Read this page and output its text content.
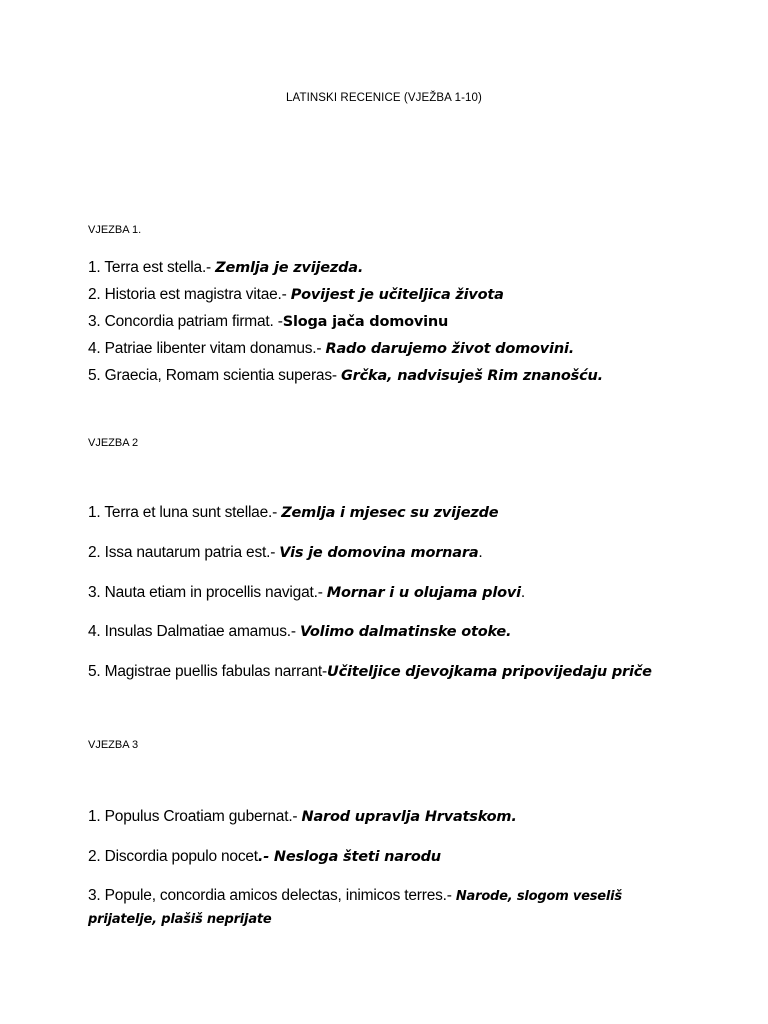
LATINSKI RECENICE (VJEŽBA 1-10)
VJEZBA 1.
1. Terra est stella.- Zemlja je zvijezda.
2. Historia est magistra vitae.- Povijest je učiteljica života
3. Concordia patriam firmat. -Sloga jača domovinu
4. Patriae libenter vitam donamus.- Rado darujemo život domovini.
5. Graecia, Romam scientia superas- Grčka, nadvisuješ Rim znanošću.
VJEZBA 2
1. Terra et luna sunt stellae.- Zemlja i mjesec su zvijezde
2. Issa nautarum patria est.- Vis je domovina mornara.
3. Nauta etiam in procellis navigat.- Mornar i u olujama plovi.
4. Insulas Dalmatiae amamus.- Volimo dalmatinske otoke.
5. Magistrae puellis fabulas narrant-Učiteljice djevojkama pripovijedaju priče
VJEZBA 3
1. Populus Croatiam gubernat.- Narod upravlja Hrvatskom.
2. Discordia populo nocet.- Nesloga šteti narodu
3. Popule, concordia amicos delectas, inimicos terres.- Narode, slogom veseliš
prijatelje, plašiš neprijate
